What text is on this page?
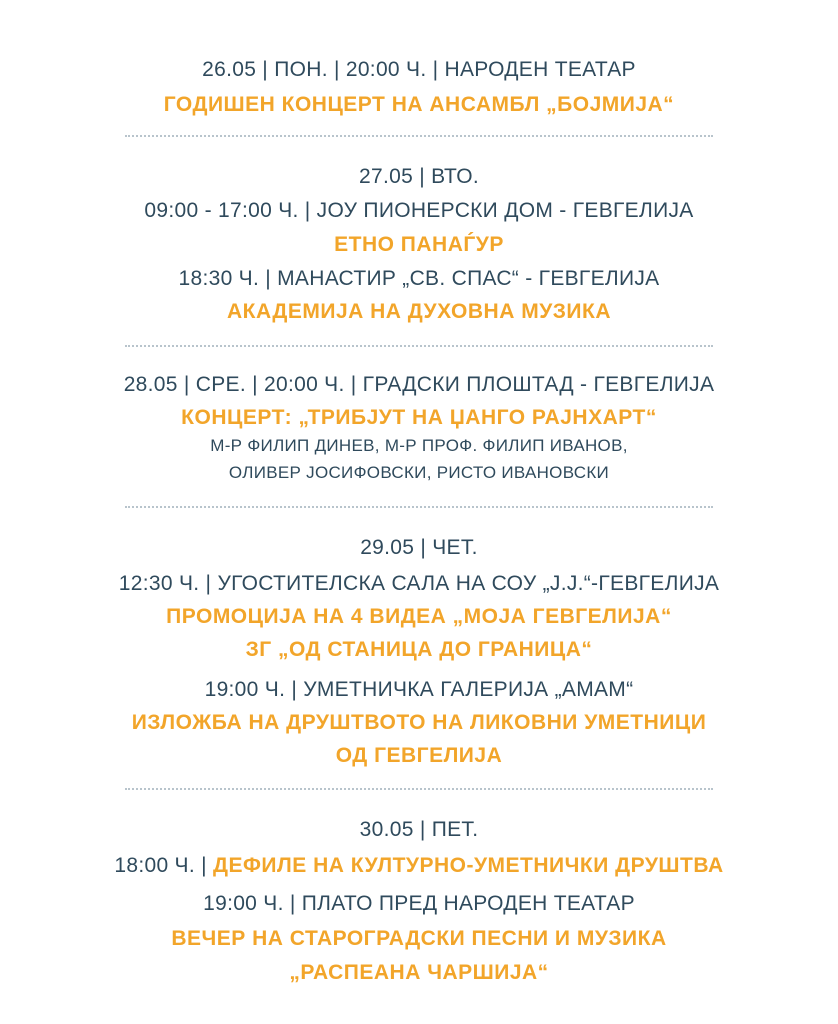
26.05 | ПОН. | 20:00 Ч. | НАРОДЕН ТЕАТАР
ГОДИШЕН КОНЦЕРТ НА АНСАМБЛ „БОЈМИЈА“
27.05 | ВТО.
09:00 - 17:00 Ч. | ЈОУ ПИОНЕРСКИ ДОМ - ГЕВГЕЛИЈА
ЕТНО ПАНАЃУР
18:30 Ч. | МАНАСТИР „СВ. СПАС“ - ГЕВГЕЛИЈА
АКАДЕМИЈА НА ДУХОВНА МУЗИКА
28.05 | СРЕ. | 20:00 Ч. | ГРАДСКИ ПЛОШТАД - ГЕВГЕЛИЈА
КОНЦЕРТ: „ТРИБЈУТ НА ЏАНГО РАЈНХАРТ“
М-Р ФИЛИП ДИНЕВ, М-Р ПРОФ. ФИЛИП ИВАНОВ,
ОЛИВЕР ЈОСИФОВСКИ, РИСТО ИВАНОВСКИ
29.05 | ЧЕТ.
12:30 Ч. | УГОСТИТЕЛСКА САЛА НА СОУ „Ј.Ј.“-ГЕВГЕЛИЈА
ПРОМОЦИЈА НА 4 ВИДЕА „МОЈА ГЕВГЕЛИЈА“
ЗГ „ОД СТАНИЦА ДО ГРАНИЦА“
19:00 Ч. | УМЕТНИЧКА ГАЛЕРИЈА „АМАМ“
ИЗЛОЖБА НА ДРУШТВОТО НА ЛИКОВНИ УМЕТНИЦИ
ОД ГЕВГЕЛИЈА
30.05 | ПЕТ.
18:00 Ч. | ДЕФИЛЕ НА КУЛТУРНО-УМЕТНИЧКИ ДРУШТВА
19:00 Ч. | ПЛАТО ПРЕД НАРОДЕН ТЕАТАР
ВЕЧЕР НА СТАРОГРАДСКИ ПЕСНИ И МУЗИКА
„РАСПЕАНА ЧАРШИЈА“
